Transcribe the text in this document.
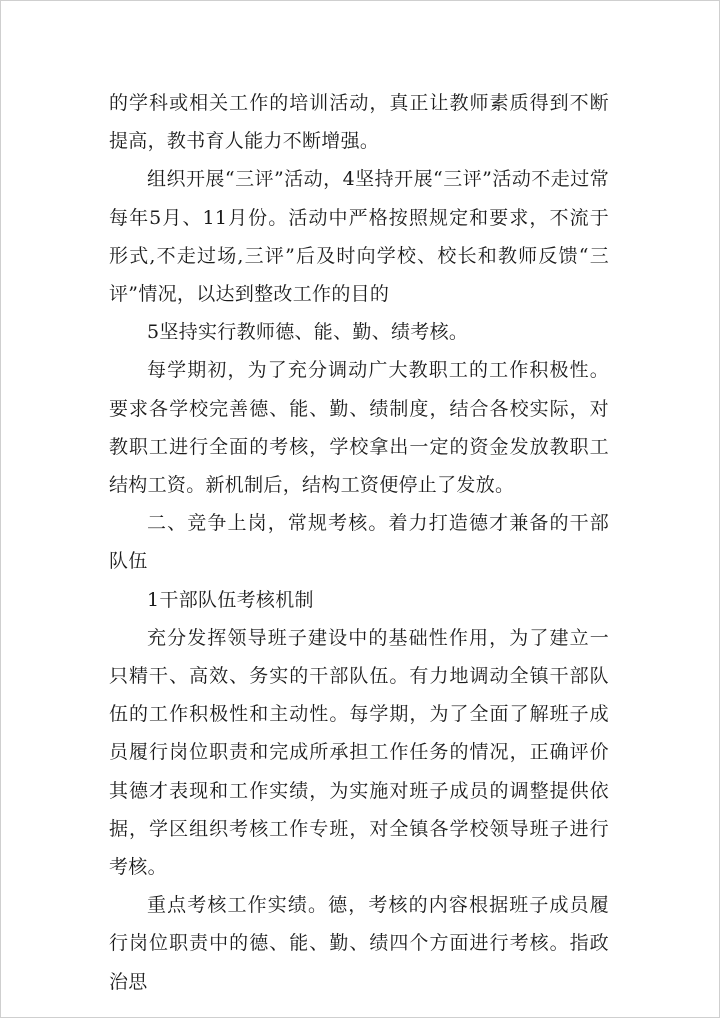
的学科或相关工作的培训活动，真正让教师素质得到不断提高，教书育人能力不断增强。

组织开展“三评”活动，4坚持开展“三评”活动不走过常每年5月、11月份。活动中严格按照规定和要求，不流于形式,不走过场,三评”后及时向学校、校长和教师反馈“三评”情况，以达到整改工作的目的

5坚持实行教师德、能、勤、绩考核。

每学期初，为了充分调动广大教职工的工作积极性。要求各学校完善德、能、勤、绩制度，结合各校实际，对教职工进行全面的考核，学校拿出一定的资金发放教职工结构工资。新机制后，结构工资便停止了发放。

二、竞争上岗，常规考核。着力打造德才兼备的干部队伍

1干部队伍考核机制

充分发挥领导班子建设中的基础性作用，为了建立一只精干、高效、务实的干部队伍。有力地调动全镇干部队伍的工作积极性和主动性。每学期，为了全面了解班子成员履行岗位职责和完成所承担工作任务的情况，正确评价其德才表现和工作实绩，为实施对班子成员的调整提供依据，学区组织考核工作专班，对全镇各学校领导班子进行考核。

重点考核工作实绩。德，考核的内容根据班子成员履行岗位职责中的德、能、勤、绩四个方面进行考核。指政治思
